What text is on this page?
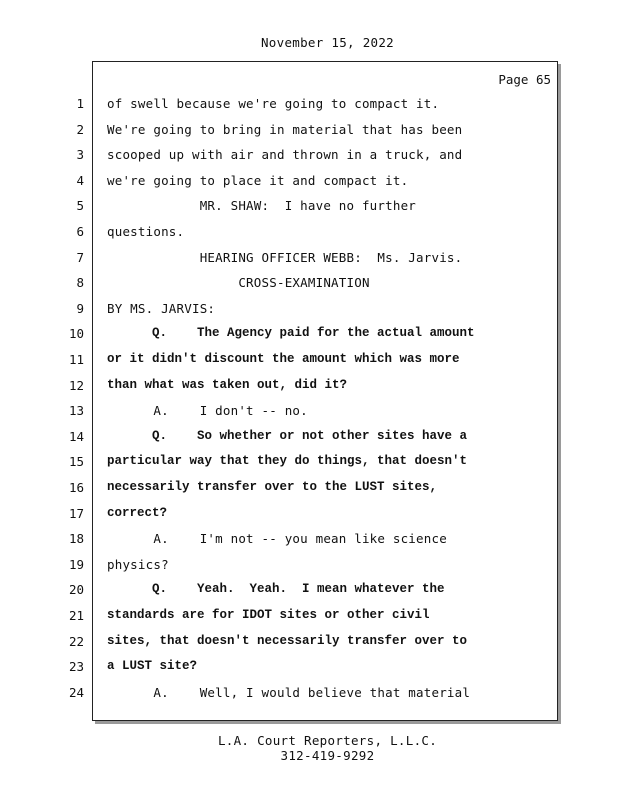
November 15, 2022
Page 65
1 of swell because we're going to compact it.
2 We're going to bring in material that has been
3 scooped up with air and thrown in a truck, and
4 we're going to place it and compact it.
5 MR. SHAW:  I have no further
6 questions.
7 HEARING OFFICER WEBB:  Ms. Jarvis.
8 CROSS-EXAMINATION
9 BY MS. JARVIS:
10 Q.    The Agency paid for the actual amount
11 or it didn't discount the amount which was more
12 than what was taken out, did it?
13 A.    I don't -- no.
14 Q.    So whether or not other sites have a
15 particular way that they do things, that doesn't
16 necessarily transfer over to the LUST sites,
17 correct?
18 A.    I'm not -- you mean like science
19 physics?
20 Q.    Yeah.  Yeah.  I mean whatever the
21 standards are for IDOT sites or other civil
22 sites, that doesn't necessarily transfer over to
23 a LUST site?
24 A.    Well, I would believe that material
L.A. Court Reporters, L.L.C.
312-419-9292
